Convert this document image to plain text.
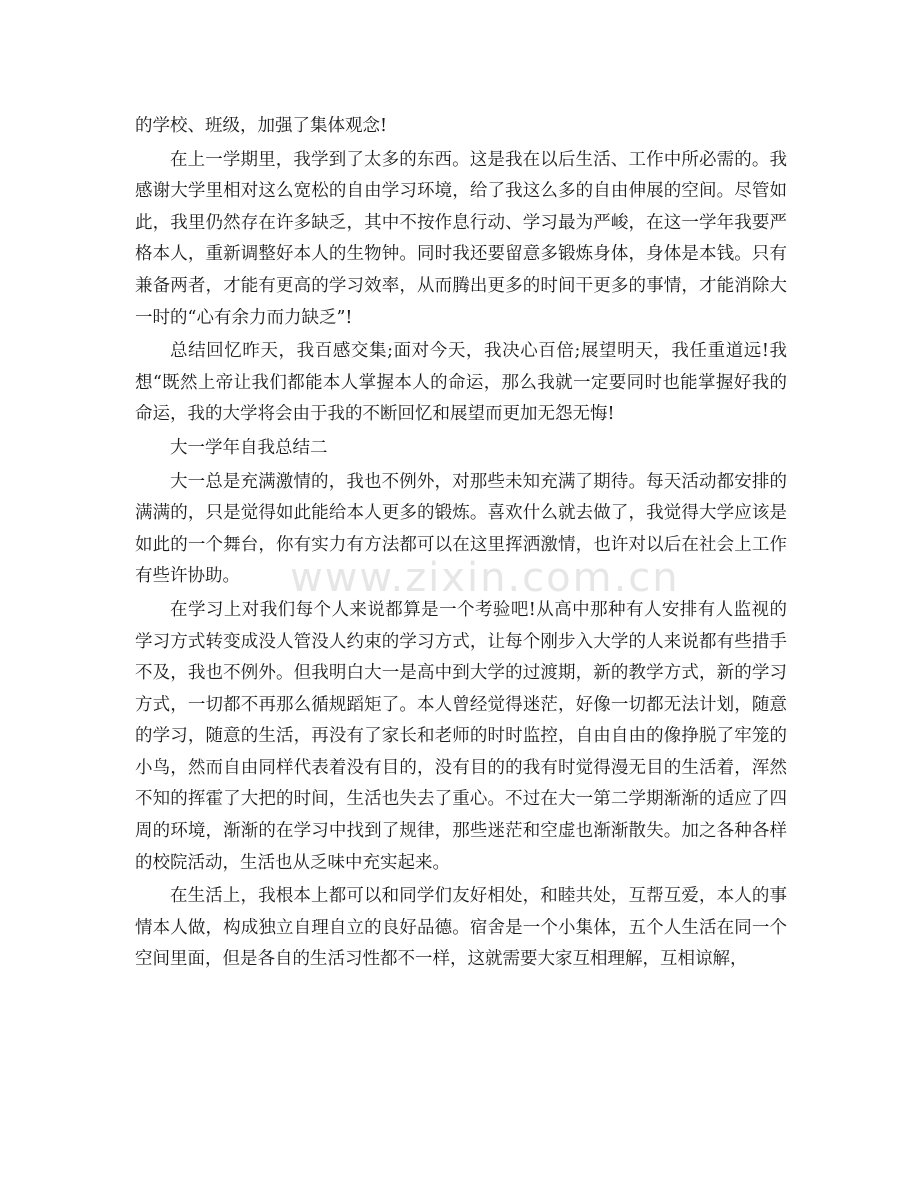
www.zixin.com.cn

的学校、班级，加强了集体观念!

在上一学期里，我学到了太多的东西。这是我在以后生活、工作中所必需的。我感谢大学里相对这么宽松的自由学习环境，给了我这么多的自由伸展的空间。尽管如此，我里仍然存在许多缺乏，其中不按作息行动、学习最为严峻，在这一学年我要严格本人，重新调整好本人的生物钟。同时我还要留意多锻炼身体，身体是本钱。只有兼备两者，才能有更高的学习效率，从而腾出更多的时间干更多的事情，才能消除大一时的“心有余力而力缺乏”!

总结回忆昨天，我百感交集;面对今天，我决心百倍;展望明天，我任重道远!我想“既然上帝让我们都能本人掌握本人的命运，那么我就一定要同时也能掌握好我的命运，我的大学将会由于我的不断回忆和展望而更加无怨无悔!

大一学年自我总结二

大一总是充满激情的，我也不例外，对那些未知充满了期待。每天活动都安排的满满的，只是觉得如此能给本人更多的锻炼。喜欢什么就去做了，我觉得大学应该是如此的一个舞台，你有实力有方法都可以在这里挥洒激情，也许对以后在社会上工作有些许协助。

在学习上对我们每个人来说都算是一个考验吧!从高中那种有人安排有人监视的学习方式转变成没人管没人约束的学习方式，让每个刚步入大学的人来说都有些措手不及，我也不例外。但我明白大一是高中到大学的过渡期，新的教学方式，新的学习方式，一切都不再那么循规蹈矩了。本人曾经觉得迷茫，好像一切都无法计划，随意的学习，随意的生活，再没有了家长和老师的时时监控，自由自由的像挣脱了牢笼的小鸟，然而自由同样代表着没有目的，没有目的的我有时觉得漫无目的生活着，浑然不知的挥霍了大把的时间，生活也失去了重心。不过在大一第二学期渐渐的适应了四周的环境，渐渐的在学习中找到了规律，那些迷茫和空虚也渐渐散失。加之各种各样的校院活动，生活也从乏味中充实起来。

在生活上，我根本上都可以和同学们友好相处，和睦共处，互帮互爱，本人的事情本人做，构成独立自理自立的良好品德。宿舍是一个小集体，五个人生活在同一个空间里面，但是各自的生活习性都不一样，这就需要大家互相理解，互相谅解，
